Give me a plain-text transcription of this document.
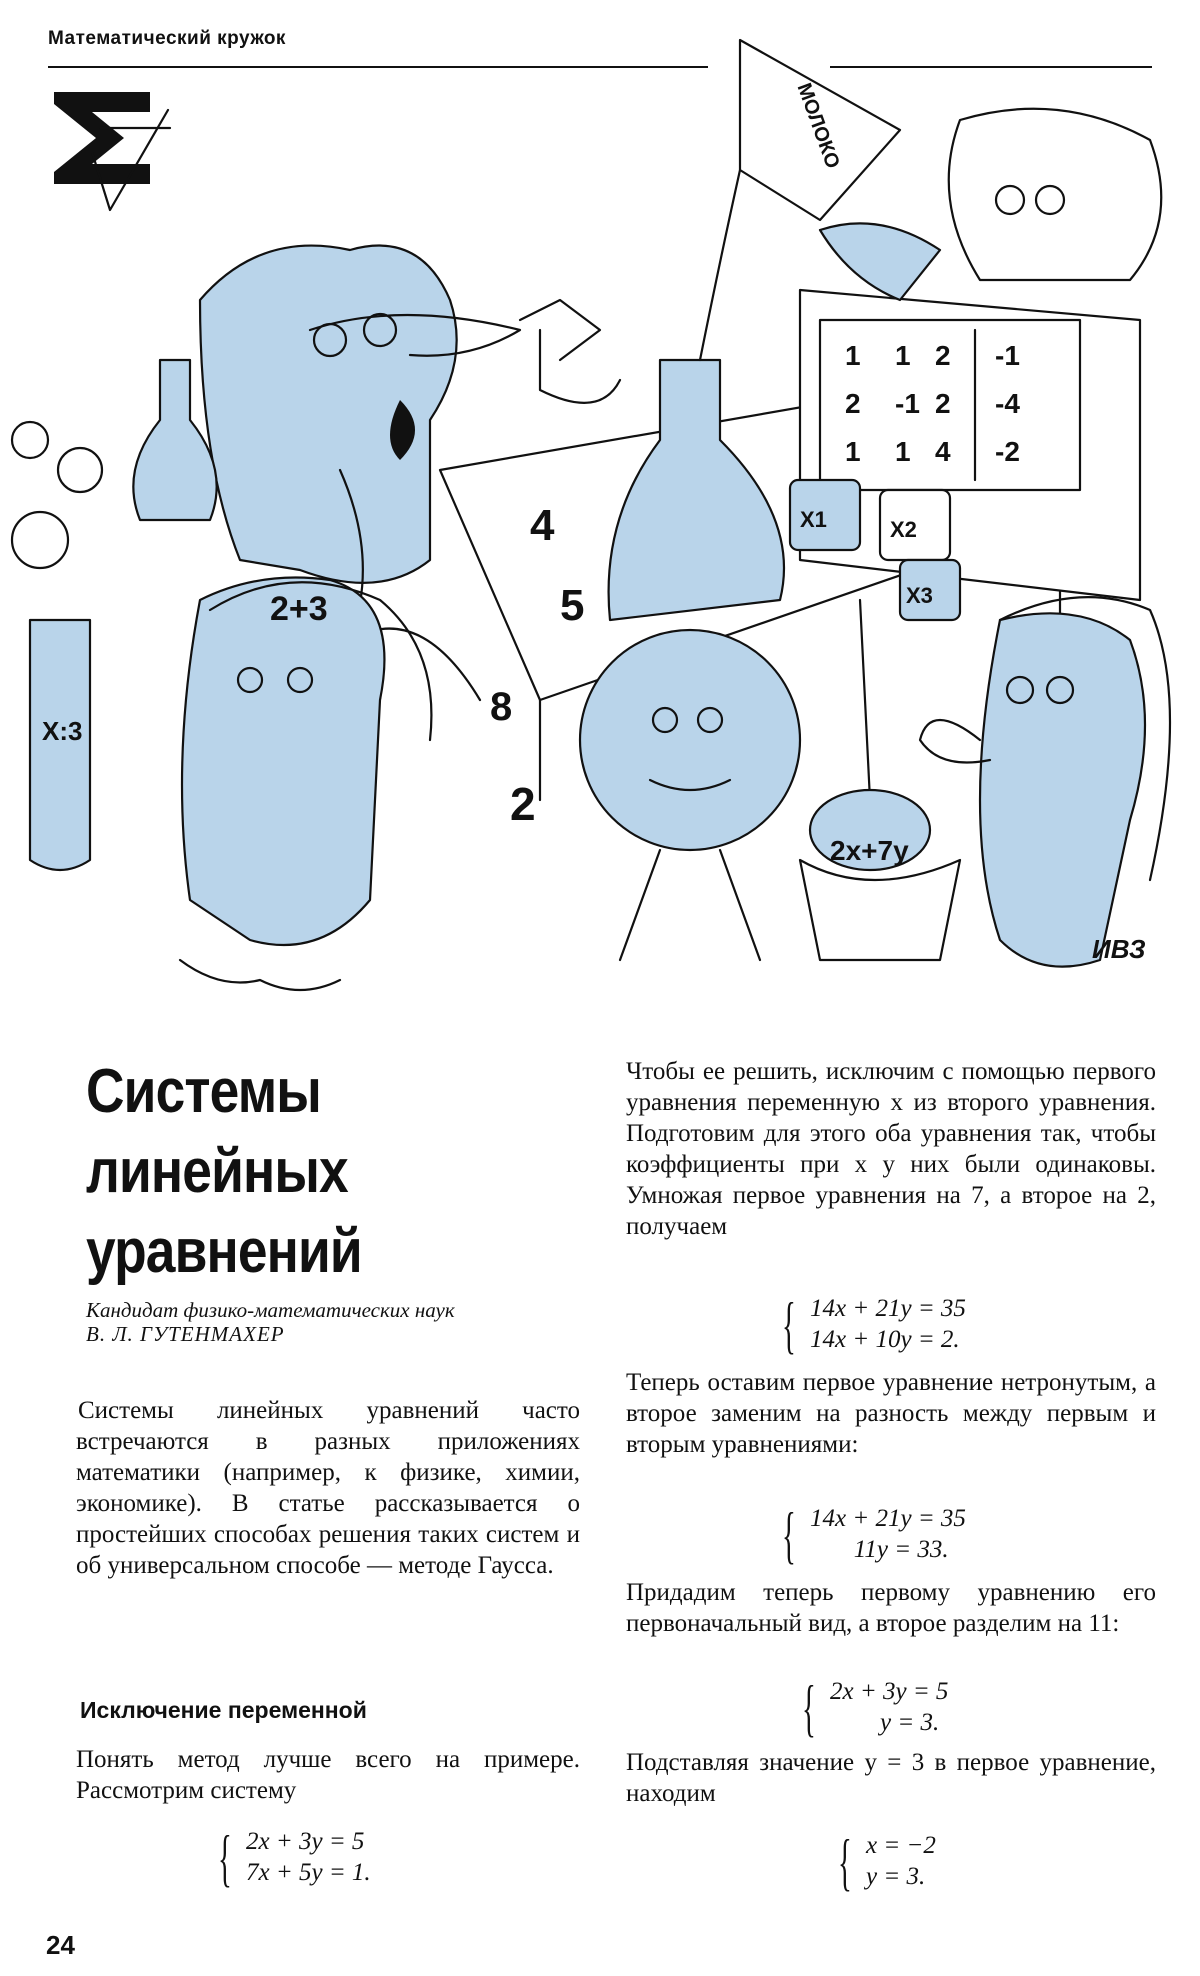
Математический кружок
2+3
X:3
4
5
8
2
МОЛОКО
1 1 2 -1
2 -1 2 -4
1 1 4 -2
X1	X2
X3
2x+7y
ИВЗ
Системы
линейных
уравнений
Кандидат физико-математических наук
В. Л. ГУТЕНМАХЕР

Системы линейных уравнений часто встречаются в разных приложениях математики (например, к физике, химии, экономике). В статье рассказывается о простейших способах решения таких систем и об универсальном способе — методе Гаусса.

Исключение переменной

Понять метод лучше всего на примере. Рассмотрим систему

{ 2x + 3y = 5
7x + 5y = 1.

Чтобы ее решить, исключим с помощью первого уравнения переменную x из второго уравнения. Подготовим для этого оба уравнения так, чтобы коэффициенты при x у них были одинаковы. Умножая первое уравнения на 7, а второе на 2, получаем

{ 14x + 21y = 35
14x + 10y = 2.

Теперь оставим первое уравнение нетронутым, а второе заменим на разность между первым и вторым уравнениями:

{ 14x + 21y = 35
11y = 33.

Придадим теперь первому уравнению его первоначальный вид, а второе разделим на 11:

{ 2x + 3y = 5
y = 3.

Подставляя значение y = 3 в первое уравнение, находим

{ x = −2
y = 3.
24
